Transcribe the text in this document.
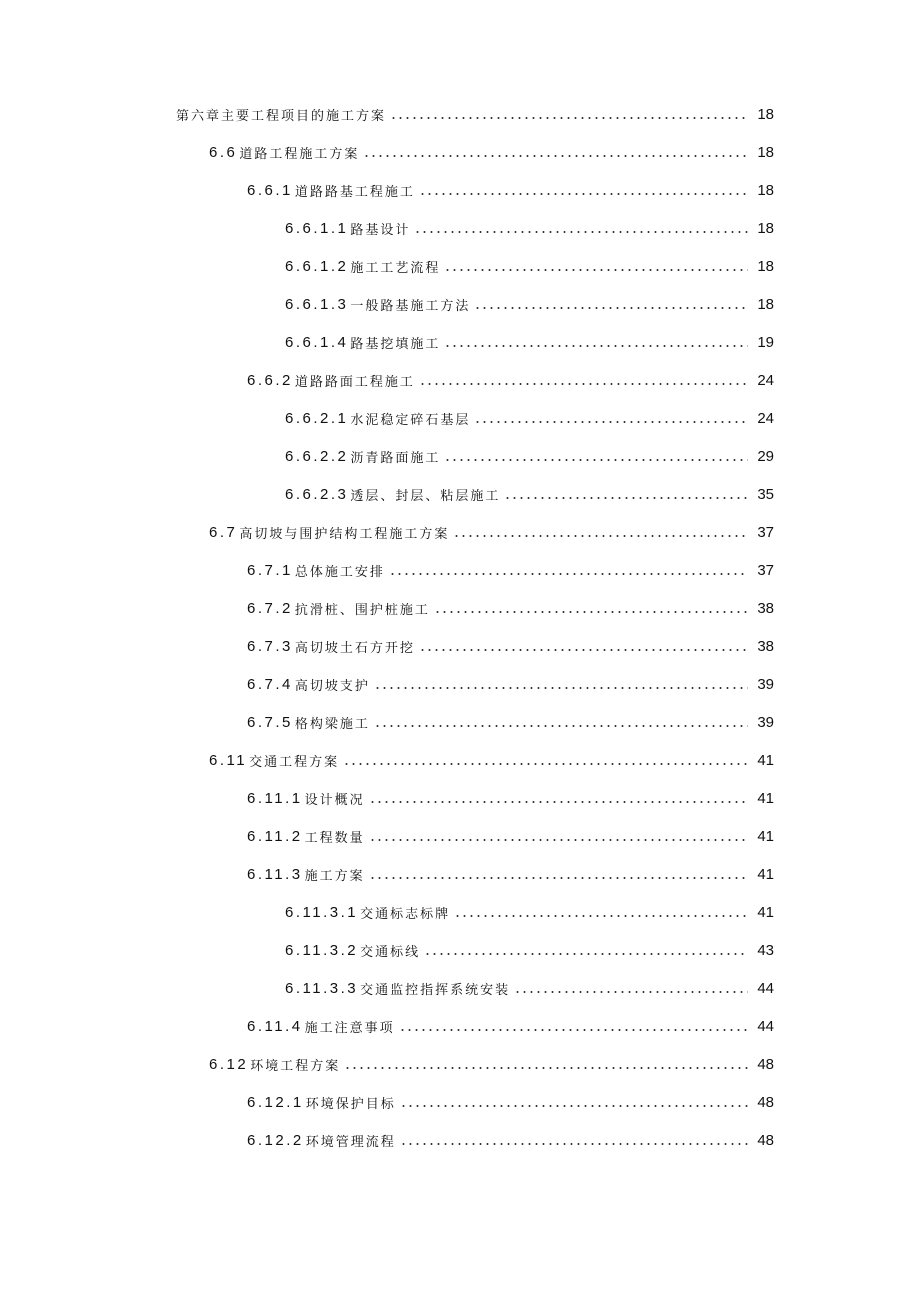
第六章主要工程项目的施工方案	18
6.6 道路工程施工方案	18
6.6.1 道路路基工程施工	18
6.6.1.1 路基设计	18
6.6.1.2 施工工艺流程	18
6.6.1.3 一般路基施工方法	18
6.6.1.4 路基挖填施工	19
6.6.2 道路路面工程施工	24
6.6.2.1 水泥稳定碎石基层	24
6.6.2.2 沥青路面施工	29
6.6.2.3 透层、封层、粘层施工	35
6.7 高切坡与围护结构工程施工方案	37
6.7.1 总体施工安排	37
6.7.2 抗滑桩、围护桩施工	38
6.7.3 高切坡土石方开挖	38
6.7.4 高切坡支护	39
6.7.5 格构梁施工	39
6.11 交通工程方案	41
6.11.1 设计概况	41
6.11.2 工程数量	41
6.11.3 施工方案	41
6.11.3.1 交通标志标牌	41
6.11.3.2 交通标线	43
6.11.3.3 交通监控指挥系统安装	44
6.11.4 施工注意事项	44
6.12 环境工程方案	48
6.12.1 环境保护目标	48
6.12.2 环境管理流程	48
